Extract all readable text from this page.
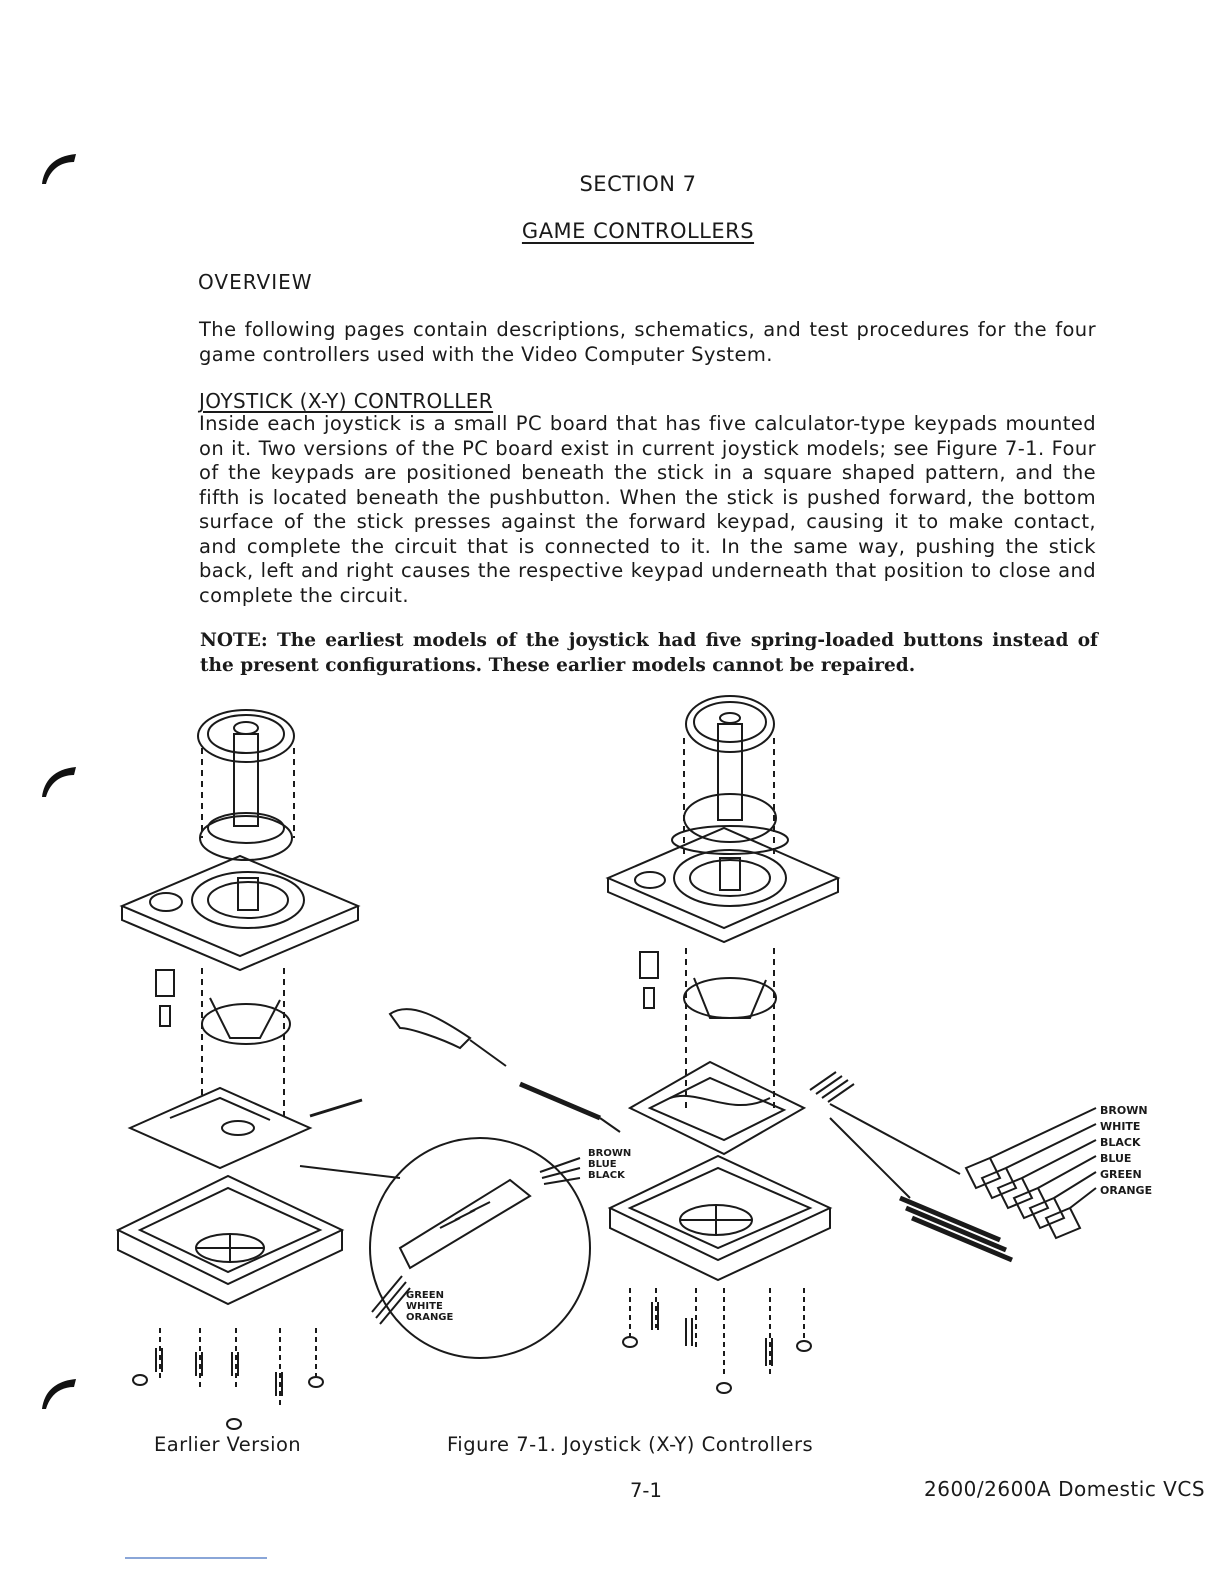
SECTION 7
GAME CONTROLLERS
OVERVIEW
The following pages contain descriptions, schematics, and test procedures for the four game controllers used with the Video Computer System.
JOYSTICK (X-Y) CONTROLLER
Inside each joystick is a small PC board that has five calculator-type keypads mounted on it. Two versions of the PC board exist in current joystick models; see Figure 7-1. Four of the keypads are positioned beneath the stick in a square shaped pattern, and the fifth is located beneath the pushbutton. When the stick is pushed forward, the bottom surface of the stick presses against the forward keypad, causing it to make contact, and complete the circuit that is connected to it. In the same way, pushing the stick back, left and right causes the respective keypad underneath that position to close and complete the circuit.
NOTE: The earliest models of the joystick had five spring-loaded buttons instead of the present configurations. These earlier models cannot be repaired.
BROWN
BLUE
BLACK
GREEN
WHITE
ORANGE
BROWN
WHITE
BLACK
BLUE
GREEN
ORANGE
Earlier Version	Figure 7-1. Joystick (X-Y) Controllers
7-1	2600/2600A Domestic VCS
